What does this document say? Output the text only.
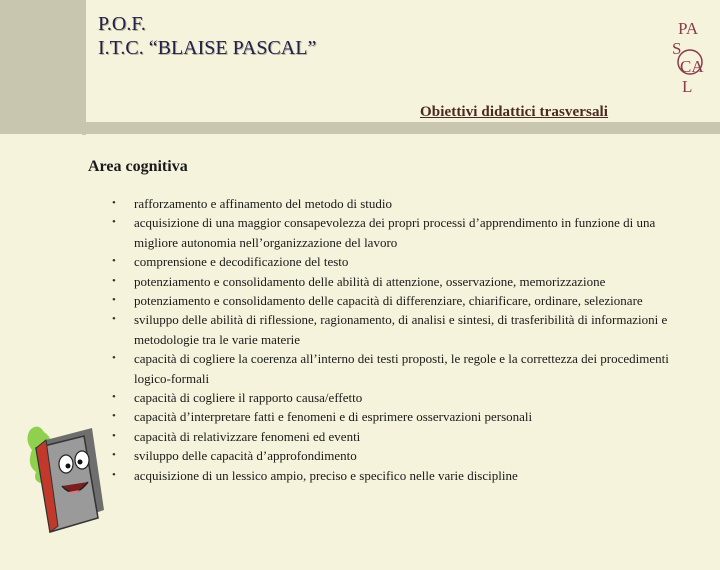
P.O.F.
I.T.C. “BLAISE PASCAL”
PA
S
CA
L
Obiettivi didattici trasversali
Area cognitiva
• rafforzamento e affinamento del metodo di studio
• acquisizione di una maggior consapevolezza dei propri processi d’apprendimento in funzione di una migliore autonomia nell’organizzazione del lavoro
• comprensione e decodificazione del testo
• potenziamento e consolidamento delle abilità di attenzione, osservazione, memorizzazione
• potenziamento e consolidamento delle capacità di differenziare, chiarificare, ordinare, selezionare
• sviluppo delle abilità di riflessione, ragionamento, di analisi e sintesi, di trasferibilità di informazioni e metodologie tra le varie materie
• capacità di cogliere la coerenza all’interno dei testi proposti, le regole e la correttezza dei procedimenti logico-formali
• capacità di cogliere il rapporto causa/effetto
• capacità d’interpretare fatti e fenomeni e di esprimere osservazioni personali
• capacità di relativizzare fenomeni ed eventi
• sviluppo delle capacità d’approfondimento
• acquisizione di un lessico ampio, preciso e specifico nelle varie discipline
